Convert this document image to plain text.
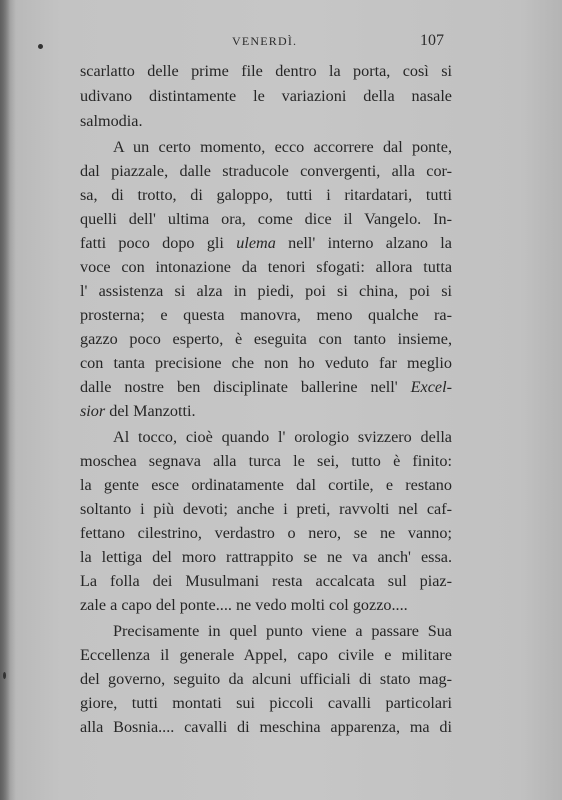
VENERDÌ.	107
scarlatto delle prime file dentro la porta, così si
udivano distintamente le variazioni della nasale
salmodia.
A un certo momento, ecco accorrere dal ponte,
dal piazzale, dalle straducole convergenti, alla cor-
sa, di trotto, di galoppo, tutti i ritardatari, tutti
quelli dell' ultima ora, come dice il Vangelo. In-
fatti poco dopo gli ulema nell' interno alzano la
voce con intonazione da tenori sfogati: allora tutta
l' assistenza si alza in piedi, poi si china, poi si
prosterna; e questa manovra, meno qualche ra-
gazzo poco esperto, è eseguita con tanto insieme,
con tanta precisione che non ho veduto far meglio
dalle nostre ben disciplinate ballerine nell' Excel-
sior del Manzotti.
Al tocco, cioè quando l' orologio svizzero della
moschea segnava alla turca le sei, tutto è finito:
la gente esce ordinatamente dal cortile, e restano
soltanto i più devoti; anche i preti, ravvolti nel caf-
fettano cilestrino, verdastro o nero, se ne vanno;
la lettiga del moro rattrappito se ne va anch' essa.
La folla dei Musulmani resta accalcata sul piaz-
zale a capo del ponte.... ne vedo molti col gozzo....
Precisamente in quel punto viene a passare Sua
Eccellenza il generale Appel, capo civile e militare
del governo, seguito da alcuni ufficiali di stato mag-
giore, tutti montati sui piccoli cavalli particolari
alla Bosnia.... cavalli di meschina apparenza, ma di
